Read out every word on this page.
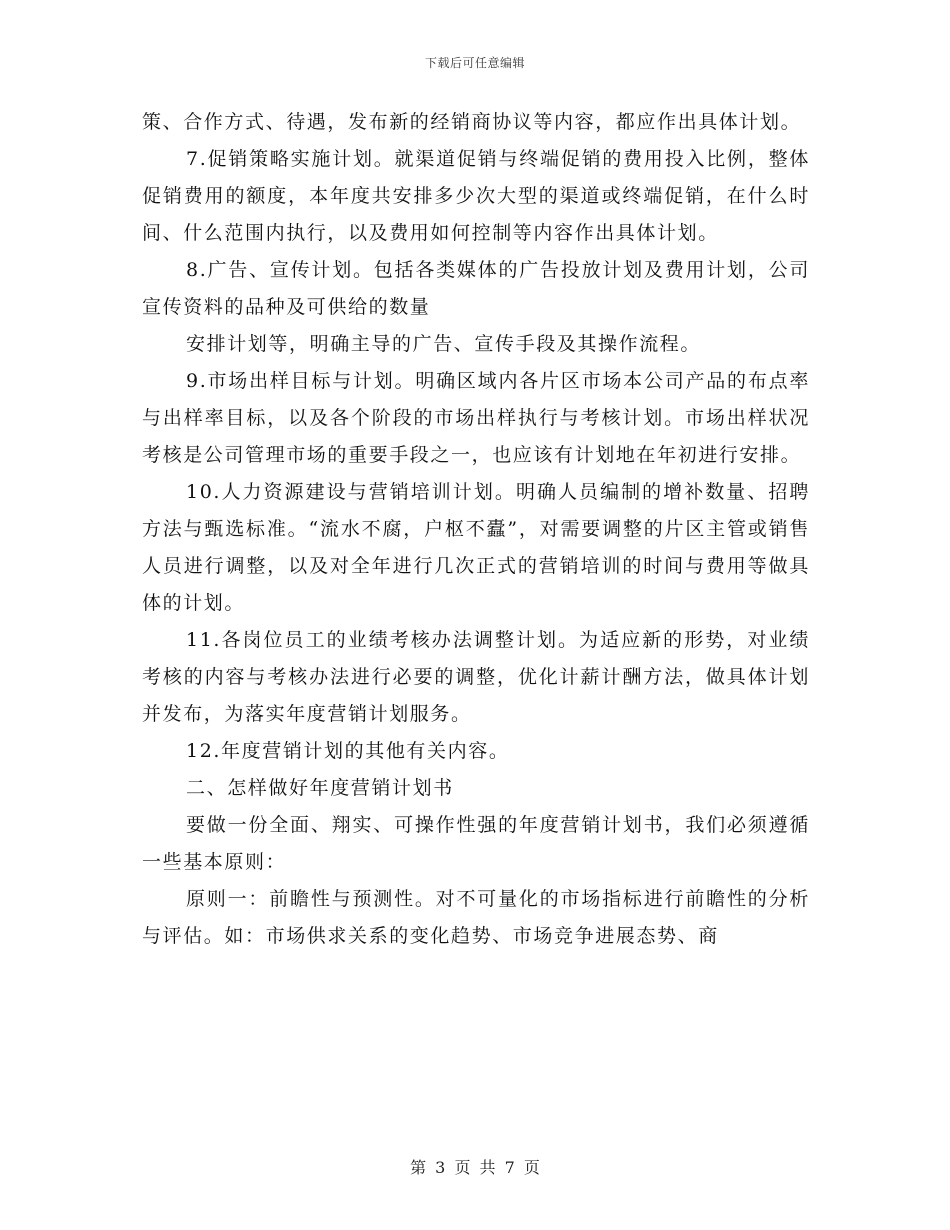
下载后可任意编辑

策、合作方式、待遇，发布新的经销商协议等内容，都应作出具体计划。

7.促销策略实施计划。就渠道促销与终端促销的费用投入比例，整体促销费用的额度，本年度共安排多少次大型的渠道或终端促销，在什么时间、什么范围内执行，以及费用如何控制等内容作出具体计划。

8.广告、宣传计划。包括各类媒体的广告投放计划及费用计划，公司宣传资料的品种及可供给的数量

安排计划等，明确主导的广告、宣传手段及其操作流程。

9.市场出样目标与计划。明确区域内各片区市场本公司产品的布点率与出样率目标，以及各个阶段的市场出样执行与考核计划。市场出样状况考核是公司管理市场的重要手段之一，也应该有计划地在年初进行安排。

10.人力资源建设与营销培训计划。明确人员编制的增补数量、招聘方法与甄选标准。“流水不腐，户枢不蠹”，对需要调整的片区主管或销售人员进行调整，以及对全年进行几次正式的营销培训的时间与费用等做具体的计划。

11.各岗位员工的业绩考核办法调整计划。为适应新的形势，对业绩考核的内容与考核办法进行必要的调整，优化计薪计酬方法，做具体计划并发布，为落实年度营销计划服务。

12.年度营销计划的其他有关内容。

二、怎样做好年度营销计划书

要做一份全面、翔实、可操作性强的年度营销计划书，我们必须遵循一些基本原则：

原则一：前瞻性与预测性。对不可量化的市场指标进行前瞻性的分析与评估。如：市场供求关系的变化趋势、市场竞争进展态势、商

第 3 页 共 7 页
